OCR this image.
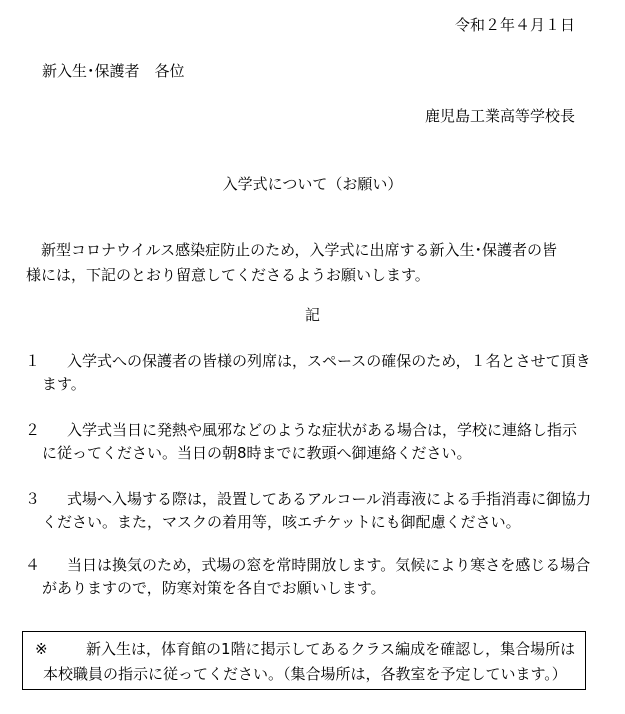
令和２年４月１日
新入生･保護者　各位
鹿児島工業高等学校長
入学式について（お願い）
新型コロナウイルス感染症防止のため，入学式に出席する新入生･保護者の皆
様には，下記のとおり留意してくださるようお願いします。
記
１ 入学式への保護者の皆様の列席は，スペースの確保のため，１名とさせて頂き
ます。
２ 入学式当日に発熱や風邪などのような症状がある場合は，学校に連絡し指示
に従ってください。当日の朝8時までに教頭へ御連絡ください。
３ 式場へ入場する際は，設置してあるアルコール消毒液による手指消毒に御協力
ください。また，マスクの着用等，咳エチケットにも御配慮ください。
４ 当日は換気のため，式場の窓を常時開放します。気候により寒さを感じる場合
がありますので，防寒対策を各自でお願いします。
※	新入生は，体育館の1階に掲示してあるクラス編成を確認し，集合場所は
本校職員の指示に従ってください。（集合場所は，各教室を予定しています。）
